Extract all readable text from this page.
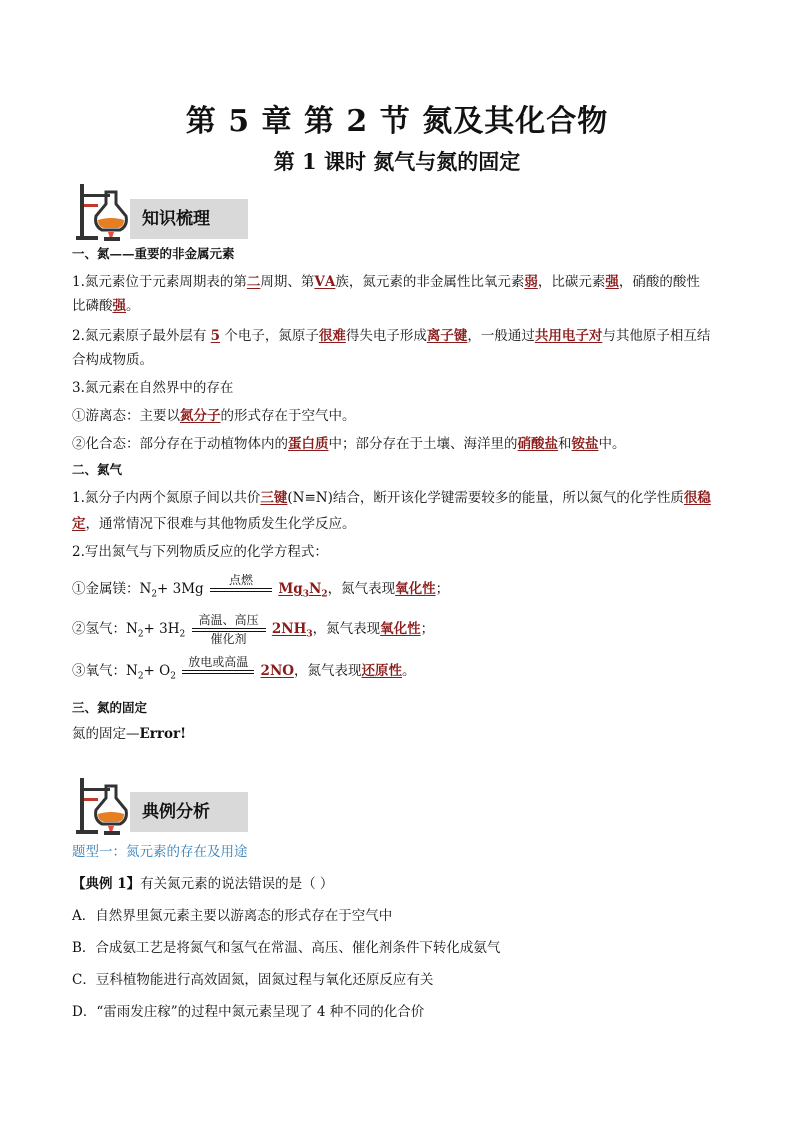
第 5 章 第 2 节 氮及其化合物
第 1 课时 氮气与氮的固定
知识梳理
一、氮——重要的非金属元素
1.氮元素位于元素周期表的第二周期、第ⅤA族，氮元素的非金属性比氧元素弱，比碳元素强，硝酸的酸性
比磷酸强。
2.氮元素原子最外层有 5 个电子，氮原子很难得失电子形成离子键，一般通过共用电子对与其他原子相互结
合构成物质。
3.氮元素在自然界中的存在
①游离态：主要以氮分子的形式存在于空气中。
②化合态：部分存在于动植物体内的蛋白质中；部分存在于土壤、海洋里的硝酸盐和铵盐中。
二、氮气
1.氮分子内两个氮原子间以共价三键(N≡N)结合，断开该化学键需要较多的能量，所以氮气的化学性质很稳
定，通常情况下很难与其他物质发生化学反应。
2.写出氮气与下列物质反应的化学方程式：
①金属镁：$N_2+ 3Mg$
点燃

$Mg_3N_2$，氮气表现氧化性；
②氢气：$N_2+ 3H_2$
高温、高压
催化剂
$2NH_3$，氮气表现氧化性；
③氧气：$N_2+ O_2$
放电或高温

2NO，氮气表现还原性。
三、氮的固定
氮的固定—Error!
典例分析
题型一：氮元素的存在及用途
【典例 1】有关氮元素的说法错误的是（ ）
A．自然界里氮元素主要以游离态的形式存在于空气中
B．合成氨工艺是将氮气和氢气在常温、高压、催化剂条件下转化成氨气
C．豆科植物能进行高效固氮，固氮过程与氧化还原反应有关
D．“雷雨发庄稼”的过程中氮元素呈现了 4 种不同的化合价
